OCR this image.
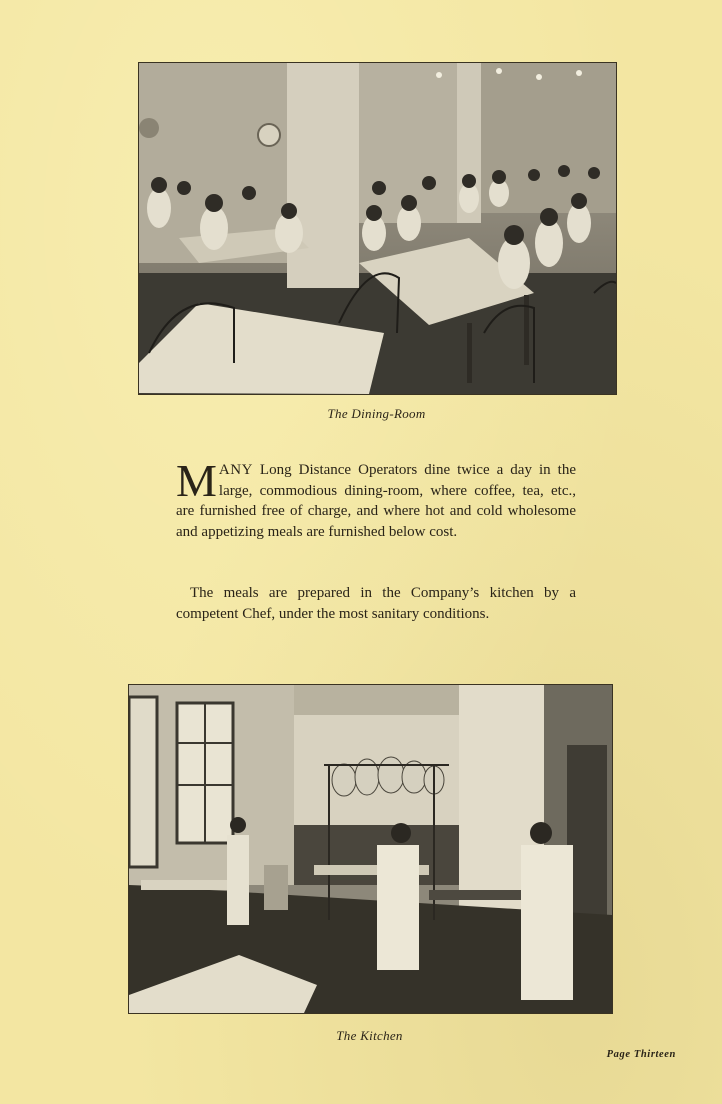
The Dining-Room
MANY Long Distance Operators dine twice a day in the large, commodious dining-room, where coffee, tea, etc., are furnished free of charge, and where hot and cold wholesome and appetizing meals are furnished below cost.
The meals are prepared in the Company’s kitchen by a competent Chef, under the most sanitary conditions.
The Kitchen
Page Thirteen
